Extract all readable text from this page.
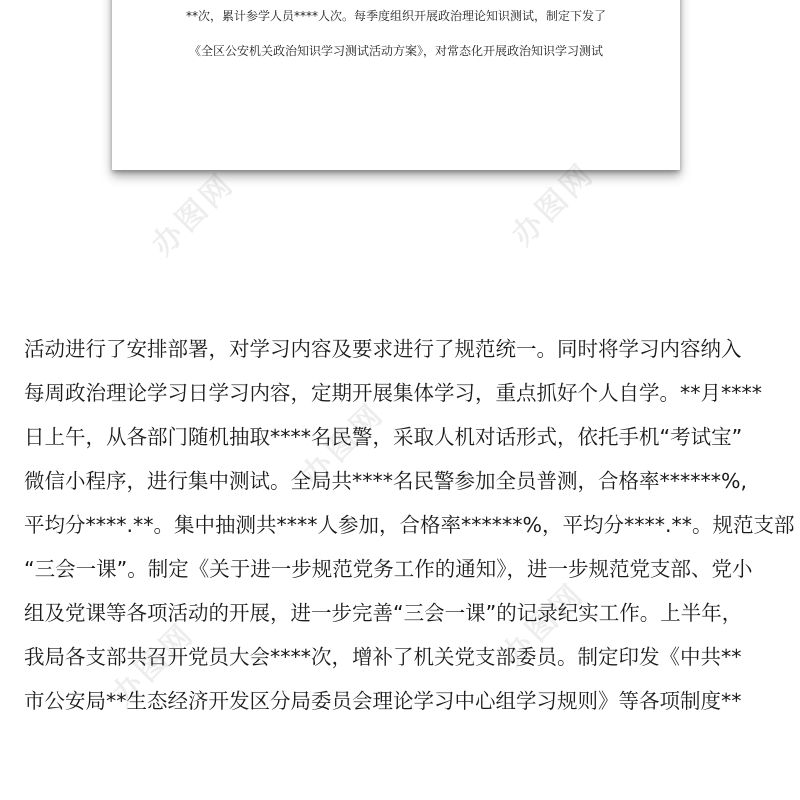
**次，累计参学人员****人次。每季度组织开展政治理论知识测试，制定下发了
《全区公安机关政治知识学习测试活动方案》，对常态化开展政治知识学习测试
办图网	办图网
办图网
办图网	办图网
活动进行了安排部署，对学习内容及要求进行了规范统一。同时将学习内容纳入
每周政治理论学习日学习内容，定期开展集体学习，重点抓好个人自学。**月****
日上午，从各部门随机抽取****名民警，采取人机对话形式，依托手机“考试宝”
微信小程序，进行集中测试。全局共****名民警参加全员普测，合格率******%,
平均分****.**。集中抽测共****人参加，合格率******%，平均分****.**。规范支部
“三会一课”。制定《关于进一步规范党务工作的通知》，进一步规范党支部、党小
组及党课等各项活动的开展，进一步完善“三会一课”的记录纪实工作。上半年，
我局各支部共召开党员大会****次，增补了机关党支部委员。制定印发《中共**
市公安局**生态经济开发区分局委员会理论学习中心组学习规则》等各项制度**
